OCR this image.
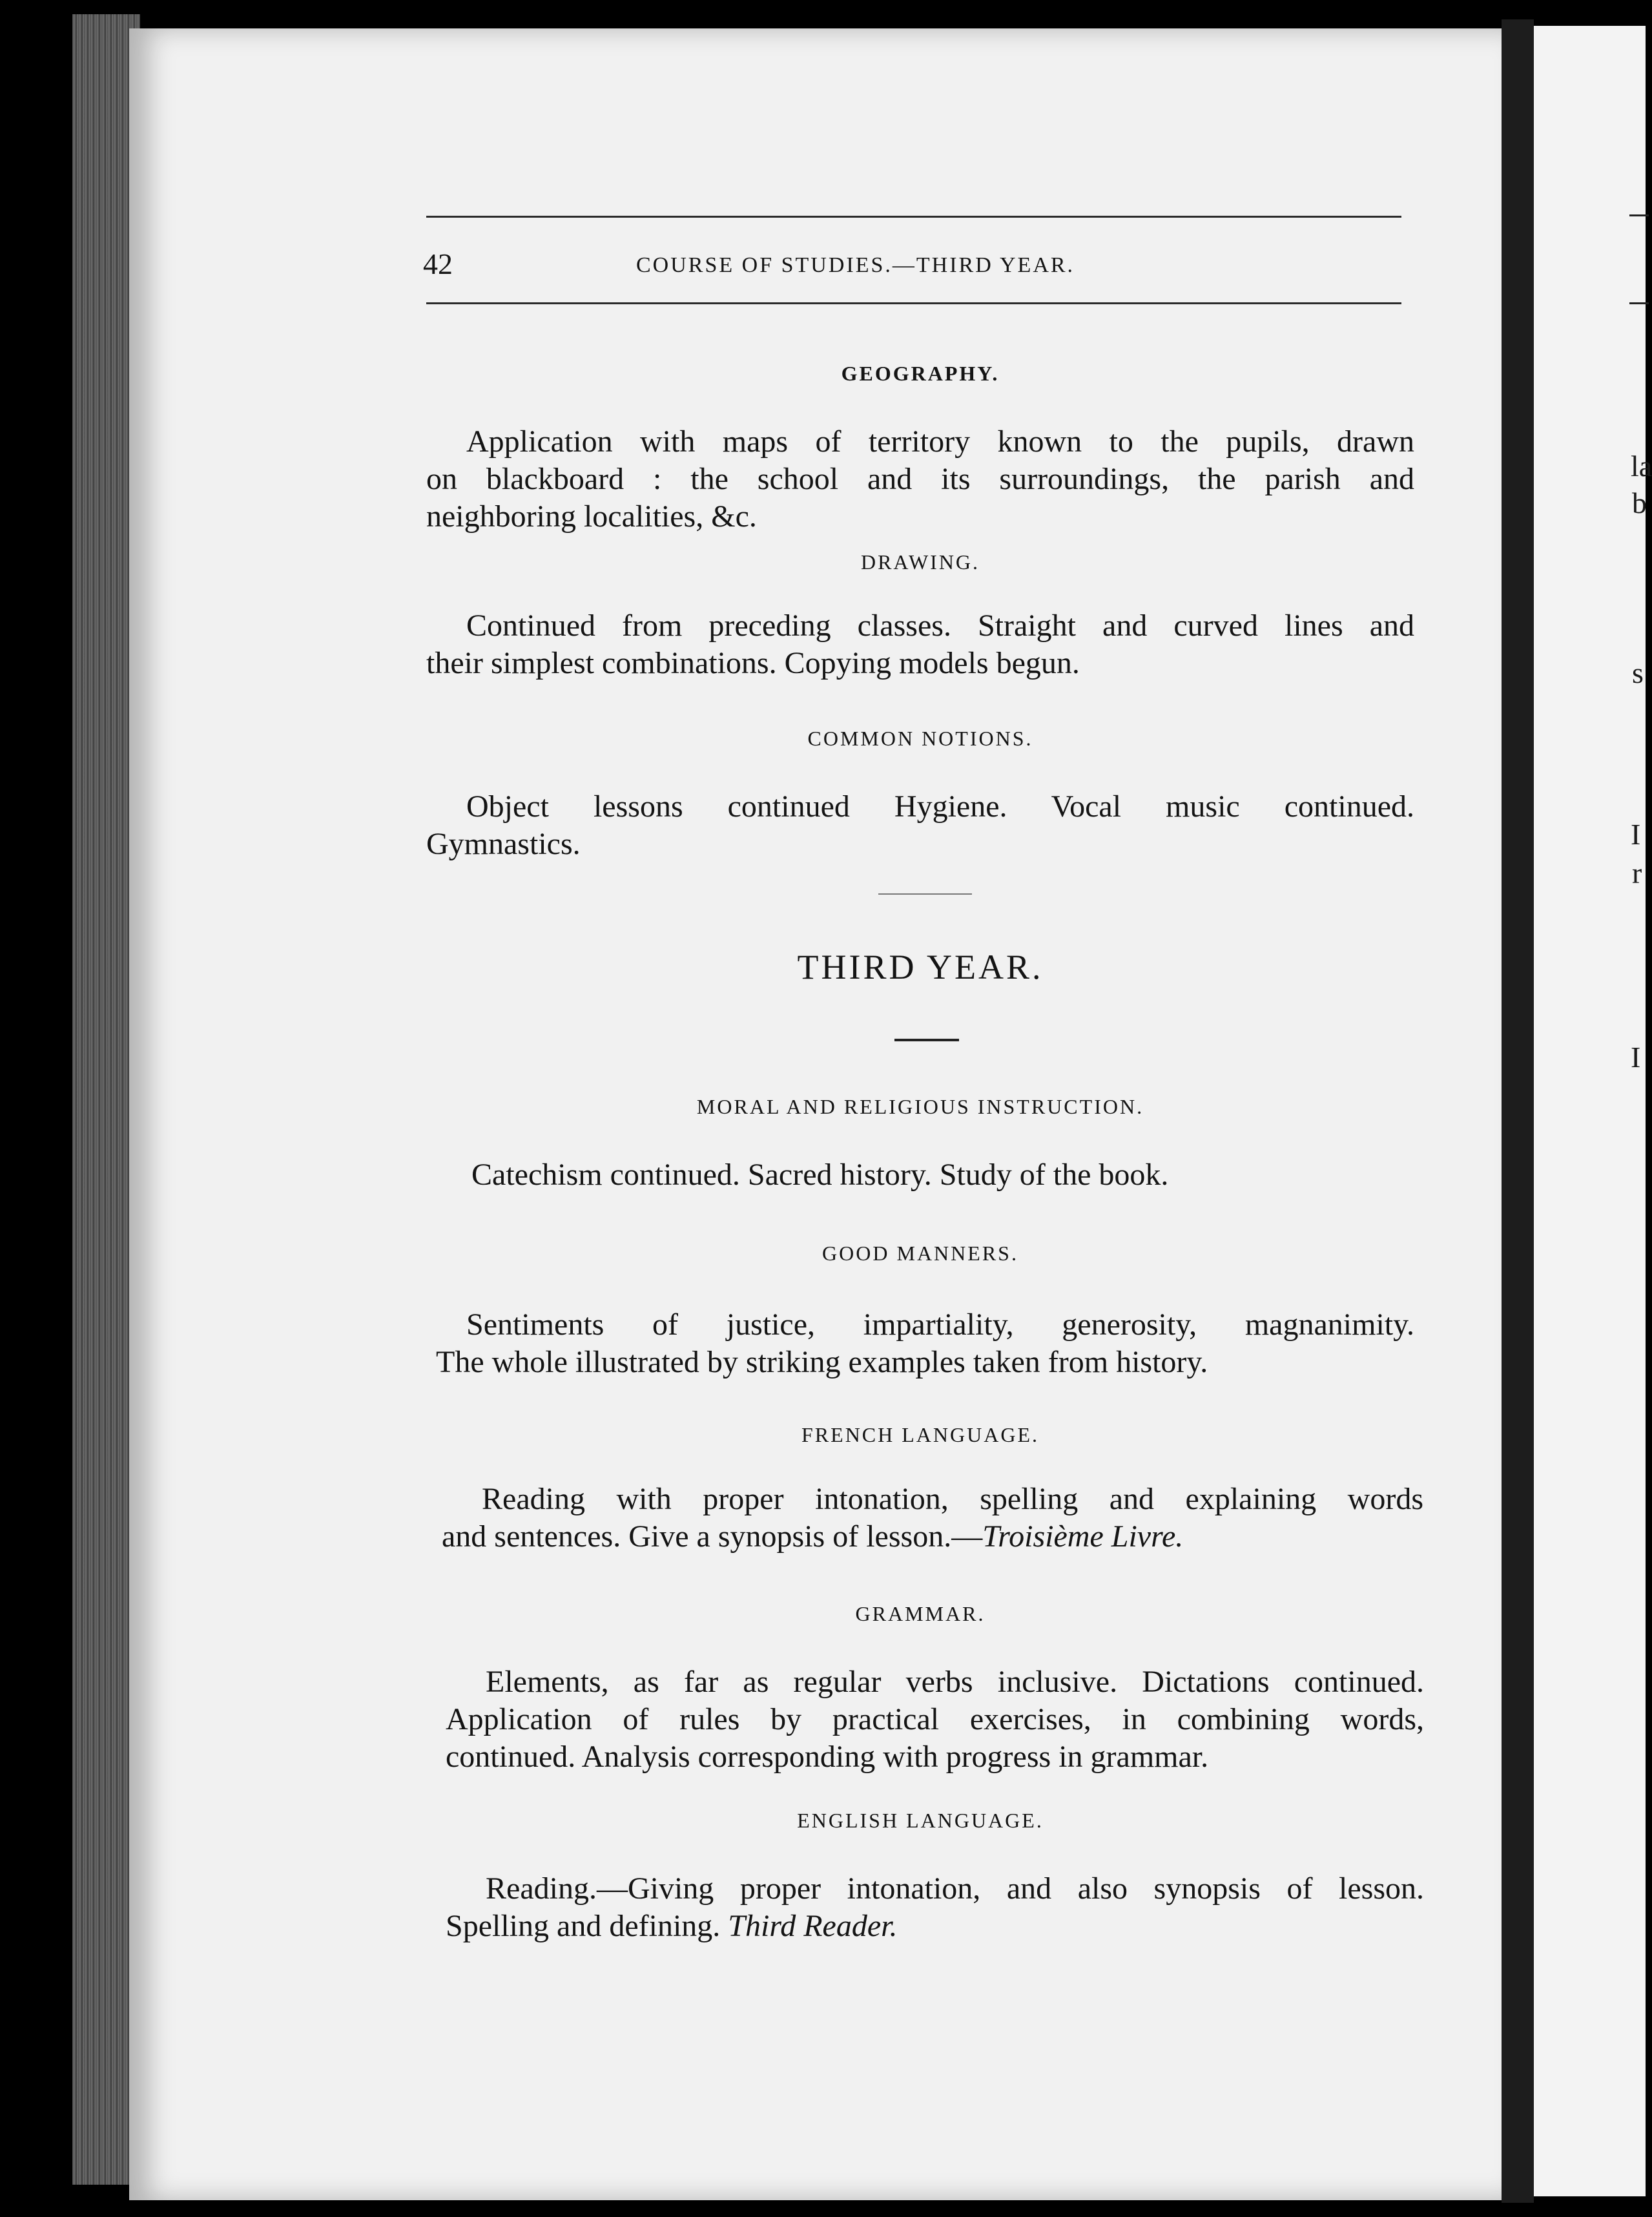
la
b
s
I
r
I
42	COURSE OF STUDIES.—THIRD YEAR.
GEOGRAPHY.
Application with maps of territory known to the pupils, drawn
on blackboard : the school and its surroundings, the parish and
neighboring localities, &c.
DRAWING.
Continued from preceding classes. Straight and curved lines and
their simplest combinations. Copying models begun.
COMMON NOTIONS.
Object lessons continued Hygiene. Vocal music continued.
Gymnastics.
THIRD YEAR.
MORAL AND RELIGIOUS INSTRUCTION.
Catechism continued. Sacred history. Study of the book.
GOOD MANNERS.
Sentiments of justice, impartiality, generosity, magnanimity.
The whole illustrated by striking examples taken from history.
FRENCH LANGUAGE.
Reading with proper intonation, spelling and explaining words
and sentences. Give a synopsis of lesson.—Troisième Livre.
GRAMMAR.
Elements, as far as regular verbs inclusive. Dictations continued.
Application of rules by practical exercises, in combining words,
continued. Analysis corresponding with progress in grammar.
ENGLISH LANGUAGE.
Reading.—Giving proper intonation, and also synopsis of lesson.
Spelling and defining. Third Reader.
